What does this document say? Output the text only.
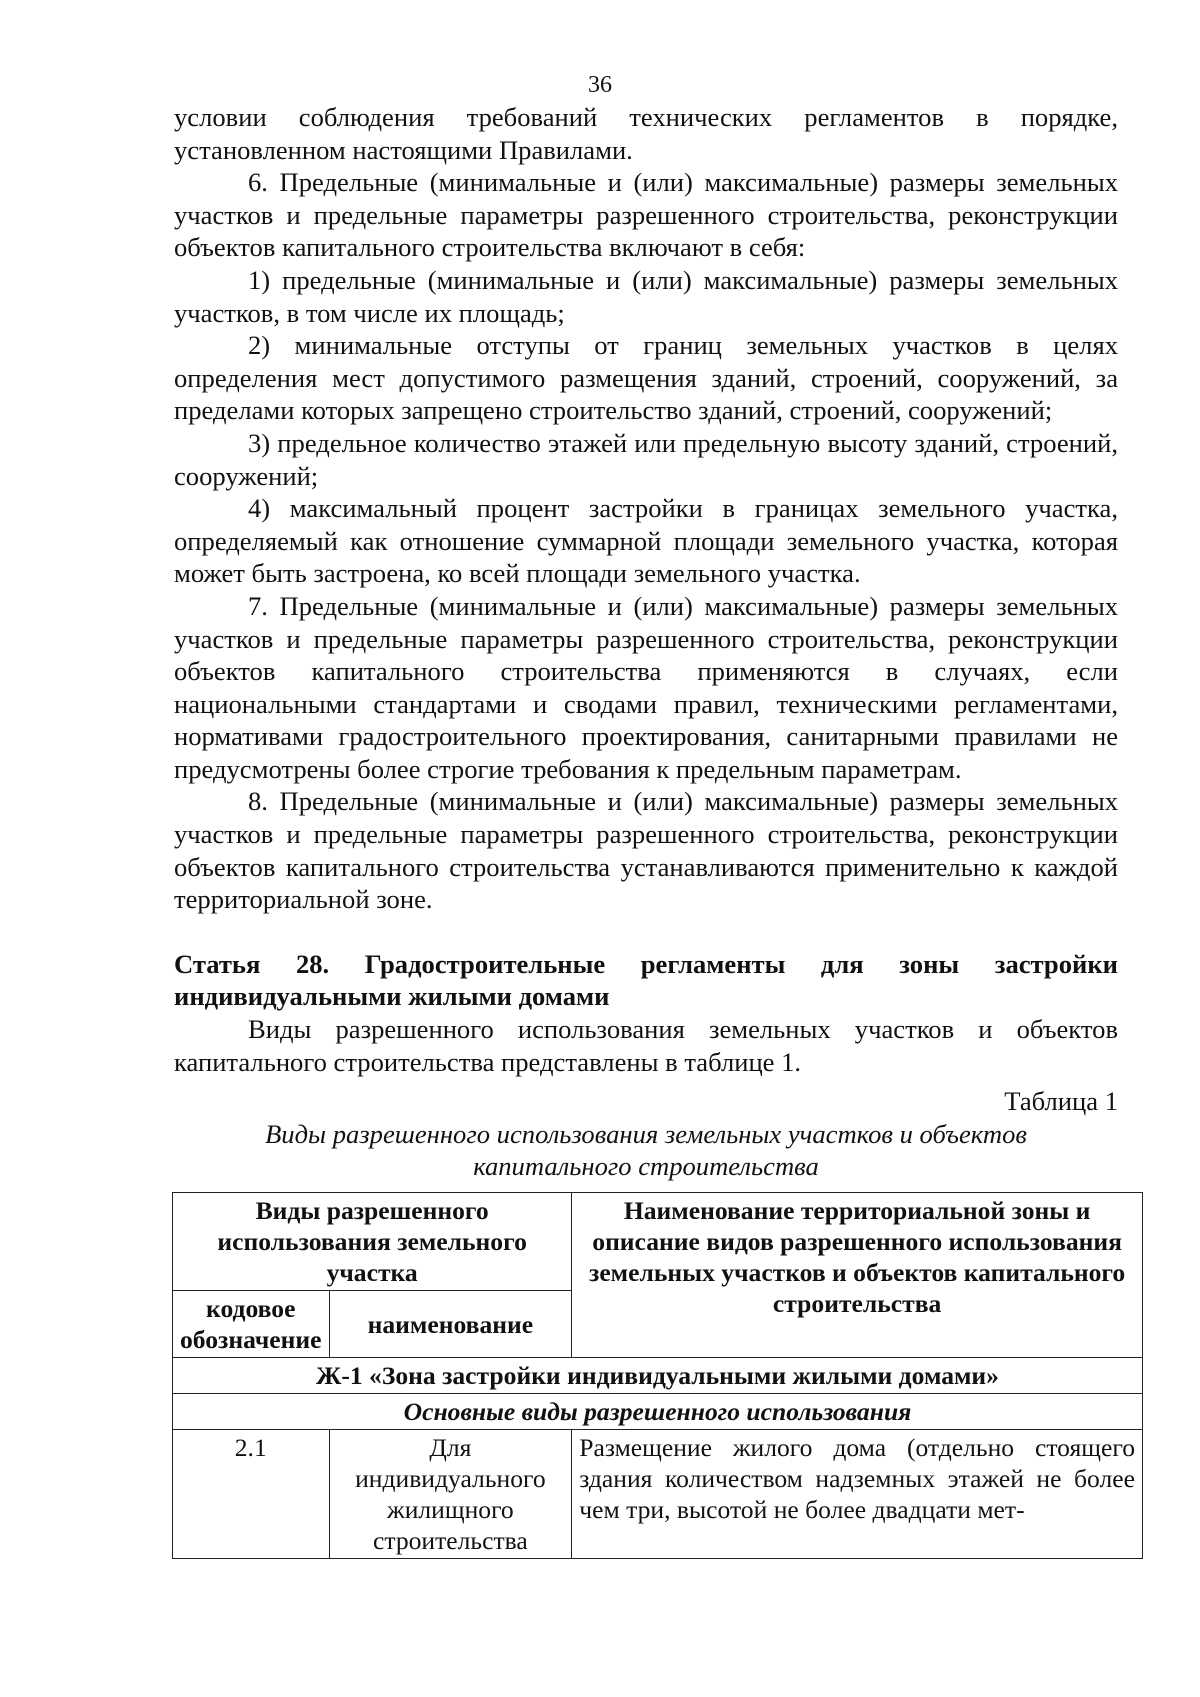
36

условии соблюдения требований технических регламентов в порядке, установленном настоящими Правилами.

6. Предельные (минимальные и (или) максимальные) размеры земельных участков и предельные параметры разрешенного строительства, реконструкции объектов капитального строительства включают в себя:

1) предельные (минимальные и (или) максимальные) размеры земельных участков, в том числе их площадь;

2) минимальные отступы от границ земельных участков в целях определения мест допустимого размещения зданий, строений, сооружений, за пределами которых запрещено строительство зданий, строений, сооружений;

3) предельное количество этажей или предельную высоту зданий, строений, сооружений;

4) максимальный процент застройки в границах земельного участка, определяемый как отношение суммарной площади земельного участка, которая может быть застроена, ко всей площади земельного участка.

7. Предельные (минимальные и (или) максимальные) размеры земельных участков и предельные параметры разрешенного строительства, реконструкции объектов капитального строительства применяются в случаях, если национальными стандартами и сводами правил, техническими регламентами, нормативами градостроительного проектирования, санитарными правилами не предусмотрены более строгие требования к предельным параметрам.

8. Предельные (минимальные и (или) максимальные) размеры земельных участков и предельные параметры разрешенного строительства, реконструкции объектов капитального строительства устанавливаются применительно к каждой территориальной зоне.

Статья 28. Градостроительные регламенты для зоны застройки индивидуальными жилыми домами

Виды разрешенного использования земельных участков и объектов капитального строительства представлены в таблице 1.

Таблица 1

Виды разрешенного использования земельных участков и объектов капитального строительства

Виды разрешенного использования земельного участка		Наименование территориальной зоны и описание видов разрешенного использования земельных участков и объектов капитального строительства
кодовое обозначение	наименование	
Ж-1 «Зона застройки индивидуальными жилыми домами»		
Основные виды разрешенного использования		
2.1	Для индивидуального жилищного строительства	Размещение жилого дома (отдельно стоящего здания количеством надземных этажей не более чем три, высотой не более двадцати мет-
